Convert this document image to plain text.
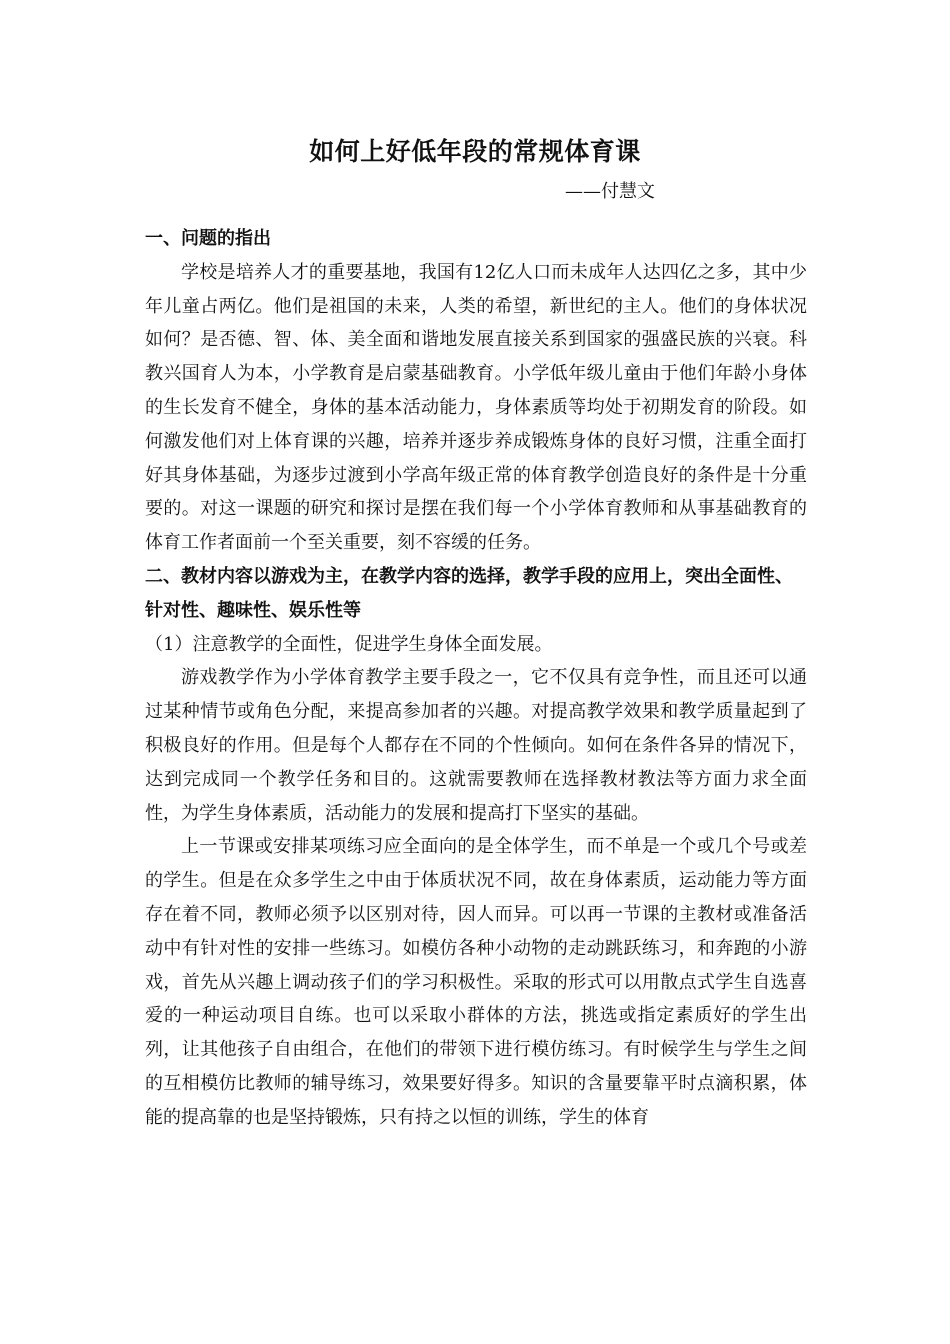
如何上好低年段的常规体育课

——付慧文

一、问题的指出

学校是培养人才的重要基地，我国有12亿人口而未成年人达四亿之多，其中少年儿童占两亿。他们是祖国的未来，人类的希望，新世纪的主人。他们的身体状况如何？是否德、智、体、美全面和谐地发展直接关系到国家的强盛民族的兴衰。科教兴国育人为本，小学教育是启蒙基础教育。小学低年级儿童由于他们年龄小身体的生长发育不健全，身体的基本活动能力，身体素质等均处于初期发育的阶段。如何激发他们对上体育课的兴趣，培养并逐步养成锻炼身体的良好习惯，注重全面打好其身体基础，为逐步过渡到小学高年级正常的体育教学创造良好的条件是十分重要的。对这一课题的研究和探讨是摆在我们每一个小学体育教师和从事基础教育的体育工作者面前一个至关重要，刻不容缓的任务。

二、教材内容以游戏为主，在教学内容的选择，教学手段的应用上，突出全面性、针对性、趣味性、娱乐性等

（1）注意教学的全面性，促进学生身体全面发展。

游戏教学作为小学体育教学主要手段之一，它不仅具有竞争性，而且还可以通过某种情节或角色分配，来提高参加者的兴趣。对提高教学效果和教学质量起到了积极良好的作用。但是每个人都存在不同的个性倾向。如何在条件各异的情况下，达到完成同一个教学任务和目的。这就需要教师在选择教材教法等方面力求全面性，为学生身体素质，活动能力的发展和提高打下坚实的基础。

上一节课或安排某项练习应全面向的是全体学生，而不单是一个或几个号或差的学生。但是在众多学生之中由于体质状况不同，故在身体素质，运动能力等方面存在着不同，教师必须予以区别对待，因人而异。可以再一节课的主教材或准备活动中有针对性的安排一些练习。如模仿各种小动物的走动跳跃练习，和奔跑的小游戏，首先从兴趣上调动孩子们的学习积极性。采取的形式可以用散点式学生自选喜爱的一种运动项目自练。也可以采取小群体的方法，挑选或指定素质好的学生出列，让其他孩子自由组合，在他们的带领下进行模仿练习。有时候学生与学生之间的互相模仿比教师的辅导练习，效果要好得多。知识的含量要靠平时点滴积累，体能的提高靠的也是坚持锻炼，只有持之以恒的训练，学生的体育
